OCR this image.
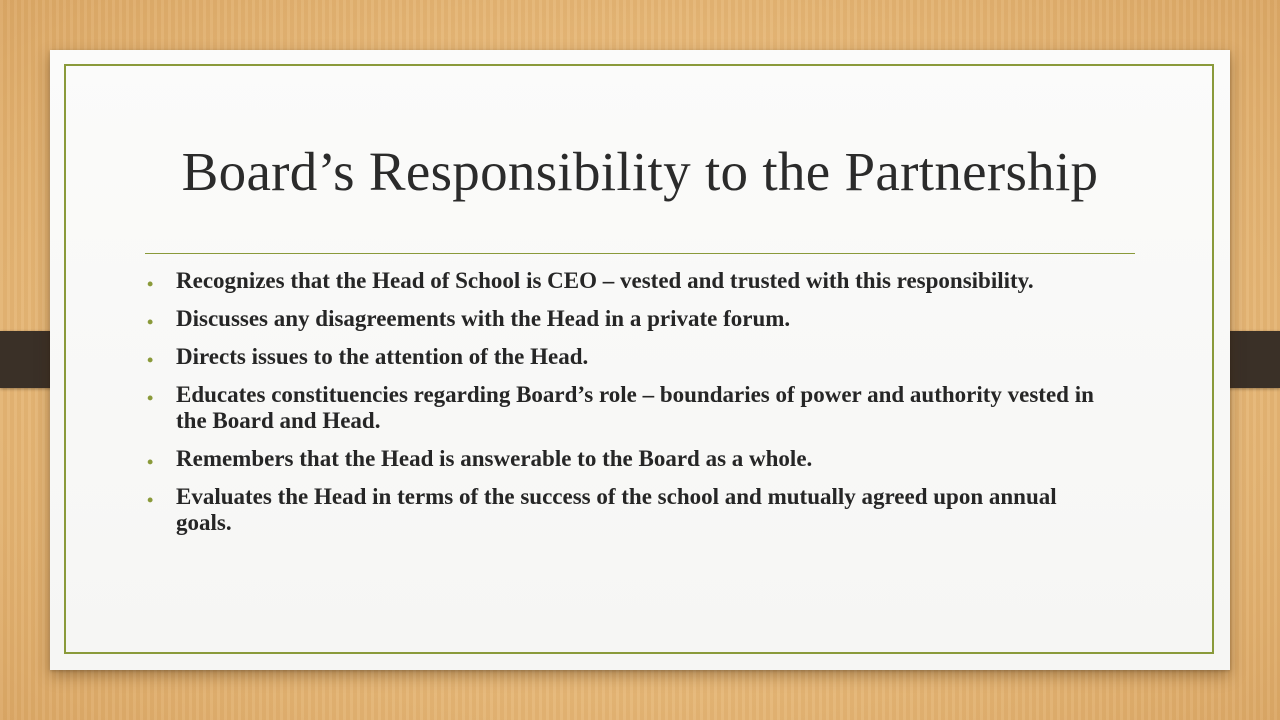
Board’s Responsibility to the Partnership
• Recognizes that the Head of School is CEO – vested and trusted with this responsibility.
• Discusses any disagreements with the Head in a private forum.
• Directs issues to the attention of the Head.
• Educates constituencies regarding Board’s role – boundaries of power and authority vested in the Board and Head.
• Remembers that the Head is answerable to the Board as a whole.
• Evaluates the Head in terms of the success of the school and mutually agreed upon annual goals.
